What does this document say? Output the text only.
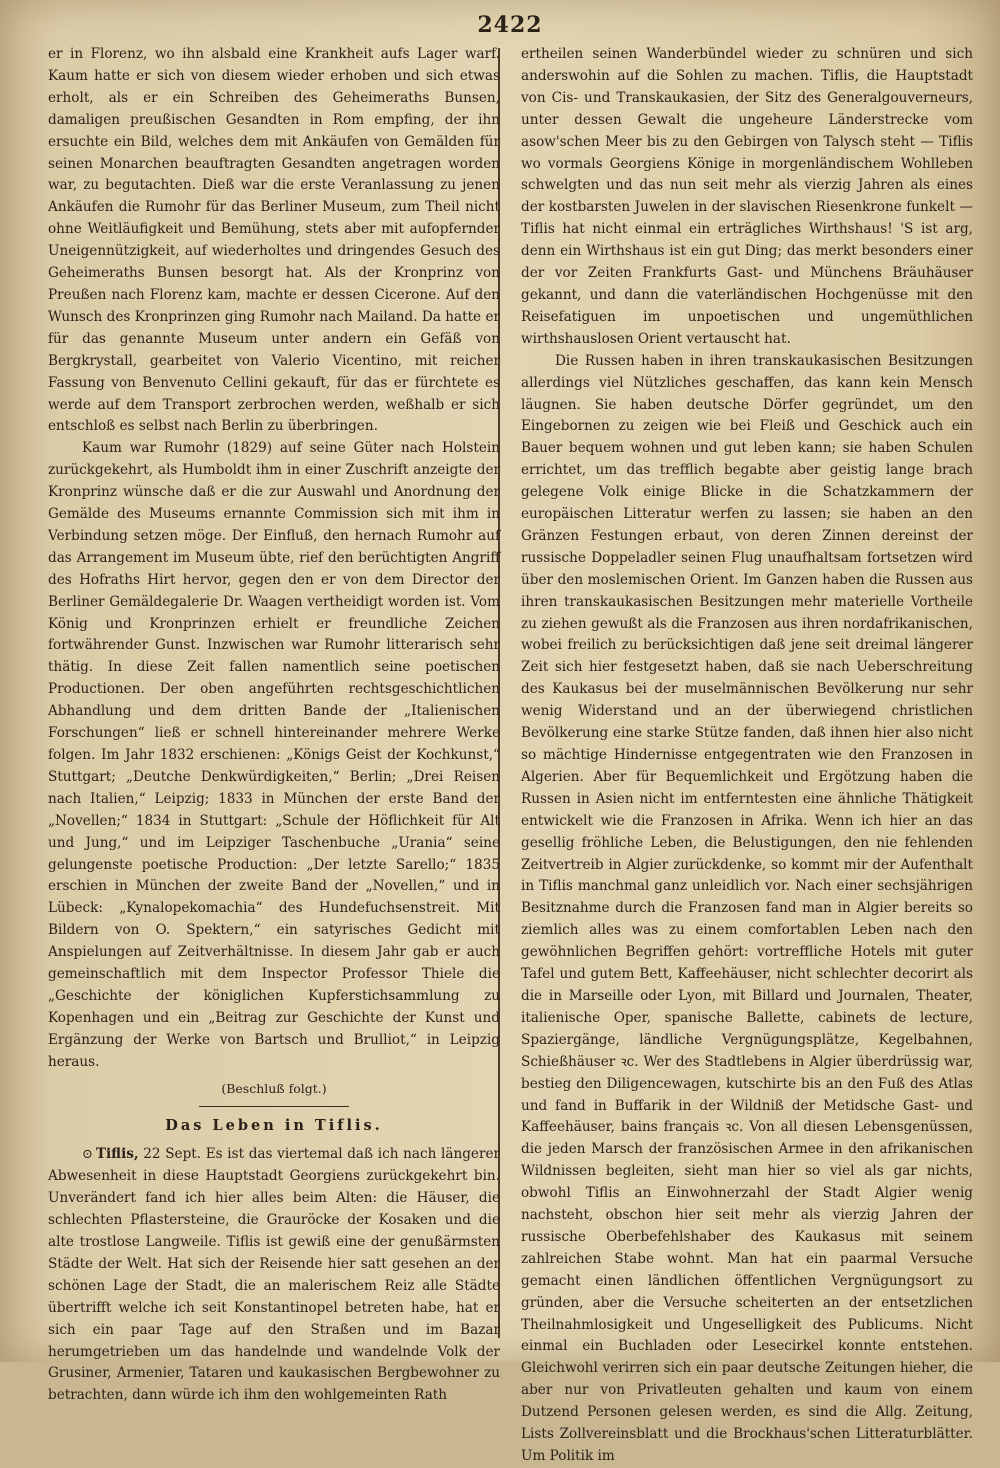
2422

er in Florenz, wo ihn alsbald eine Krankheit aufs Lager warf. Kaum hatte er sich von diesem wieder erhoben und sich etwas erholt, als er ein Schreiben des Geheimeraths Bunsen, damaligen preußischen Gesandten in Rom empfing, der ihn ersuchte ein Bild, welches dem mit Ankäufen von Gemälden für seinen Monarchen beauftragten Gesandten angetragen worden war, zu begutachten. Dieß war die erste Veranlassung zu jenen Ankäufen die Rumohr für das Berliner Museum, zum Theil nicht ohne Weitläufigkeit und Bemühung, stets aber mit aufopfernder Uneigennützigkeit, auf wiederholtes und dringendes Gesuch des Geheimeraths Bunsen besorgt hat. Als der Kronprinz von Preußen nach Florenz kam, machte er dessen Cicerone. Auf den Wunsch des Kronprinzen ging Rumohr nach Mailand. Da hatte er für das genannte Museum unter andern ein Gefäß von Bergkrystall, gearbeitet von Valerio Vicentino, mit reicher Fassung von Benvenuto Cellini gekauft, für das er fürchtete es werde auf dem Transport zerbrochen werden, weßhalb er sich entschloß es selbst nach Berlin zu überbringen.

Kaum war Rumohr (1829) auf seine Güter nach Holstein zurückgekehrt, als Humboldt ihm in einer Zuschrift anzeigte der Kronprinz wünsche daß er die zur Auswahl und Anordnung der Gemälde des Museums ernannte Commission sich mit ihm in Verbindung setzen möge. Der Einfluß, den hernach Rumohr auf das Arrangement im Museum übte, rief den berüchtigten Angriff des Hofraths Hirt hervor, gegen den er von dem Director der Berliner Gemäldegalerie Dr. Waagen vertheidigt worden ist. Vom König und Kronprinzen erhielt er freundliche Zeichen fortwährender Gunst. Inzwischen war Rumohr litterarisch sehr thätig. In diese Zeit fallen namentlich seine poetischen Productionen. Der oben angeführten rechtsgeschichtlichen Abhandlung und dem dritten Bande der „Italienischen Forschungen“ ließ er schnell hintereinander mehrere Werke folgen. Im Jahr 1832 erschienen: „Königs Geist der Kochkunst,“ Stuttgart; „Deutche Denkwürdigkeiten,“ Berlin; „Drei Reisen nach Italien,“ Leipzig; 1833 in München der erste Band der „Novellen;“ 1834 in Stuttgart: „Schule der Höflichkeit für Alt und Jung,“ und im Leipziger Taschenbuche „Urania“ seine gelungenste poetische Production: „Der letzte Sarello;“ 1835 erschien in München der zweite Band der „Novellen,“ und in Lübeck: „Kynalopekomachia“ des Hundefuchsenstreit. Mit Bildern von O. Spektern,“ ein satyrisches Gedicht mit Anspielungen auf Zeitverhältnisse. In diesem Jahr gab er auch gemeinschaftlich mit dem Inspector Professor Thiele die „Geschichte der königlichen Kupferstichsammlung zu Kopenhagen und ein „Beitrag zur Geschichte der Kunst und Ergänzung der Werke von Bartsch und Brulliot,“ in Leipzig heraus.

(Beschluß folgt.)

Das Leben in Tiflis.

⊙ Tiflis, 22 Sept. Es ist das viertemal daß ich nach längerer Abwesenheit in diese Hauptstadt Georgiens zurückgekehrt bin. Unverändert fand ich hier alles beim Alten: die Häuser, die schlechten Pflastersteine, die Grauröcke der Kosaken und die alte trostlose Langweile. Tiflis ist gewiß eine der genußärmsten Städte der Welt. Hat sich der Reisende hier satt gesehen an der schönen Lage der Stadt, die an malerischem Reiz alle Städte übertrifft welche ich seit Konstantinopel betreten habe, hat er sich ein paar Tage auf den Straßen und im Bazar herumgetrieben um das handelnde und wandelnde Volk der Grusiner, Armenier, Tataren und kaukasischen Bergbewohner zu betrachten, dann würde ich ihm den wohlgemeinten Rath

ertheilen seinen Wanderbündel wieder zu schnüren und sich anderswohin auf die Sohlen zu machen. Tiflis, die Hauptstadt von Cis- und Transkaukasien, der Sitz des Generalgouverneurs, unter dessen Gewalt die ungeheure Länderstrecke vom asow'schen Meer bis zu den Gebirgen von Talysch steht — Tiflis wo vormals Georgiens Könige in morgenländischem Wohlleben schwelgten und das nun seit mehr als vierzig Jahren als eines der kostbarsten Juwelen in der slavischen Riesenkrone funkelt — Tiflis hat nicht einmal ein erträgliches Wirthshaus! 'S ist arg, denn ein Wirthshaus ist ein gut Ding; das merkt besonders einer der vor Zeiten Frankfurts Gast- und Münchens Bräuhäuser gekannt, und dann die vaterländischen Hochgenüsse mit den Reisefatiguen im unpoetischen und ungemüthlichen wirthshauslosen Orient vertauscht hat.

Die Russen haben in ihren transkaukasischen Besitzungen allerdings viel Nützliches geschaffen, das kann kein Mensch läugnen. Sie haben deutsche Dörfer gegründet, um den Eingebornen zu zeigen wie bei Fleiß und Geschick auch ein Bauer bequem wohnen und gut leben kann; sie haben Schulen errichtet, um das trefflich begabte aber geistig lange brach gelegene Volk einige Blicke in die Schatzkammern der europäischen Litteratur werfen zu lassen; sie haben an den Gränzen Festungen erbaut, von deren Zinnen dereinst der russische Doppeladler seinen Flug unaufhaltsam fortsetzen wird über den moslemischen Orient. Im Ganzen haben die Russen aus ihren transkaukasischen Besitzungen mehr materielle Vortheile zu ziehen gewußt als die Franzosen aus ihren nordafrikanischen, wobei freilich zu berücksichtigen daß jene seit dreimal längerer Zeit sich hier festgesetzt haben, daß sie nach Ueberschreitung des Kaukasus bei der muselmännischen Bevölkerung nur sehr wenig Widerstand und an der überwiegend christlichen Bevölkerung eine starke Stütze fanden, daß ihnen hier also nicht so mächtige Hindernisse entgegentraten wie den Franzosen in Algerien. Aber für Bequemlichkeit und Ergötzung haben die Russen in Asien nicht im entferntesten eine ähnliche Thätigkeit entwickelt wie die Franzosen in Afrika. Wenn ich hier an das gesellig fröhliche Leben, die Belustigungen, den nie fehlenden Zeitvertreib in Algier zurückdenke, so kommt mir der Aufenthalt in Tiflis manchmal ganz unleidlich vor. Nach einer sechsjährigen Besitznahme durch die Franzosen fand man in Algier bereits so ziemlich alles was zu einem comfortablen Leben nach den gewöhnlichen Begriffen gehört: vortreffliche Hotels mit guter Tafel und gutem Bett, Kaffeehäuser, nicht schlechter decorirt als die in Marseille oder Lyon, mit Billard und Journalen, Theater, italienische Oper, spanische Ballette, cabinets de lecture, Spaziergänge, ländliche Vergnügungsplätze, Kegelbahnen, Schießhäuser ꝛc. Wer des Stadtlebens in Algier überdrüssig war, bestieg den Diligencewagen, kutschirte bis an den Fuß des Atlas und fand in Buffarik in der Wildniß der Metidsche Gast- und Kaffeehäuser, bains français ꝛc. Von all diesen Lebensgenüssen, die jeden Marsch der französischen Armee in den afrikanischen Wildnissen begleiten, sieht man hier so viel als gar nichts, obwohl Tiflis an Einwohnerzahl der Stadt Algier wenig nachsteht, obschon hier seit mehr als vierzig Jahren der russische Oberbefehlshaber des Kaukasus mit seinem zahlreichen Stabe wohnt. Man hat ein paarmal Versuche gemacht einen ländlichen öffentlichen Vergnügungsort zu gründen, aber die Versuche scheiterten an der entsetzlichen Theilnahmlosigkeit und Ungeselligkeit des Publicums. Nicht einmal ein Buchladen oder Lesecirkel konnte entstehen. Gleichwohl verirren sich ein paar deutsche Zeitungen hieher, die aber nur von Privatleuten gehalten und kaum von einem Dutzend Personen gelesen werden, es sind die Allg. Zeitung, Lists Zollvereinsblatt und die Brockhaus'schen Litteraturblätter. Um Politik im
